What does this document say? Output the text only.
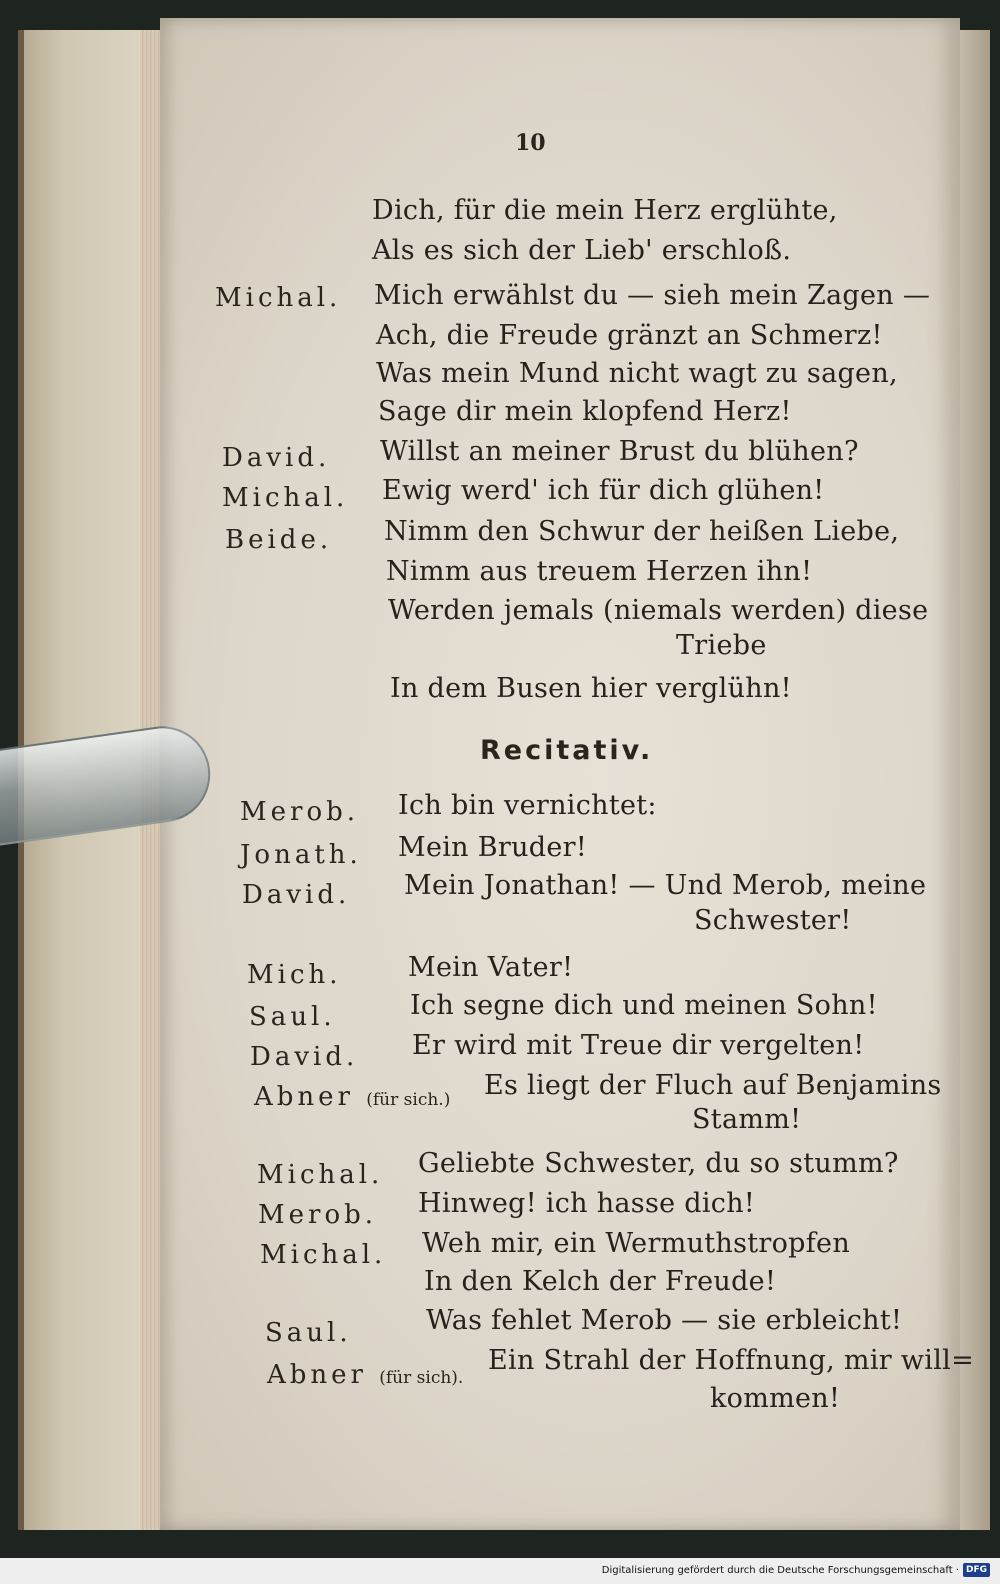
10
Dich, für die mein Herz erglühte,
Als es sich der Lieb' erschloß.
Michal. Mich erwählst du — sieh mein Zagen —
Ach, die Freude gränzt an Schmerz!
Was mein Mund nicht wagt zu sagen,
Sage dir mein klopfend Herz!
David. Willst an meiner Brust du blühen?
Michal. Ewig werd' ich für dich glühen!
Beide. Nimm den Schwur der heißen Liebe,
Nimm aus treuem Herzen ihn!
Werden jemals (niemals werden) diese
Triebe
In dem Busen hier verglühn!
Recitativ.
Merob. Ich bin vernichtet:
Jonath. Mein Bruder!
David. Mein Jonathan! — Und Merob, meine
Schwester!
Mich. Mein Vater!
Saul.	Ich segne dich und meinen Sohn!
David. Er wird mit Treue dir vergelten!
Abner (für sich.) Es liegt der Fluch auf Benjamins
Stamm!
Michal. Geliebte Schwester, du so stumm?
Merob. Hinweg! ich hasse dich!
Michal. Weh mir, ein Wermuthstropfen
In den Kelch der Freude!
Saul.	Was fehlet Merob — sie erbleicht!
Abner (für sich).
Ein Strahl der Hoffnung, mir will=
kommen!
Digitalisierung gefördert durch die Deutsche Forschungsgemeinschaft · DFG
